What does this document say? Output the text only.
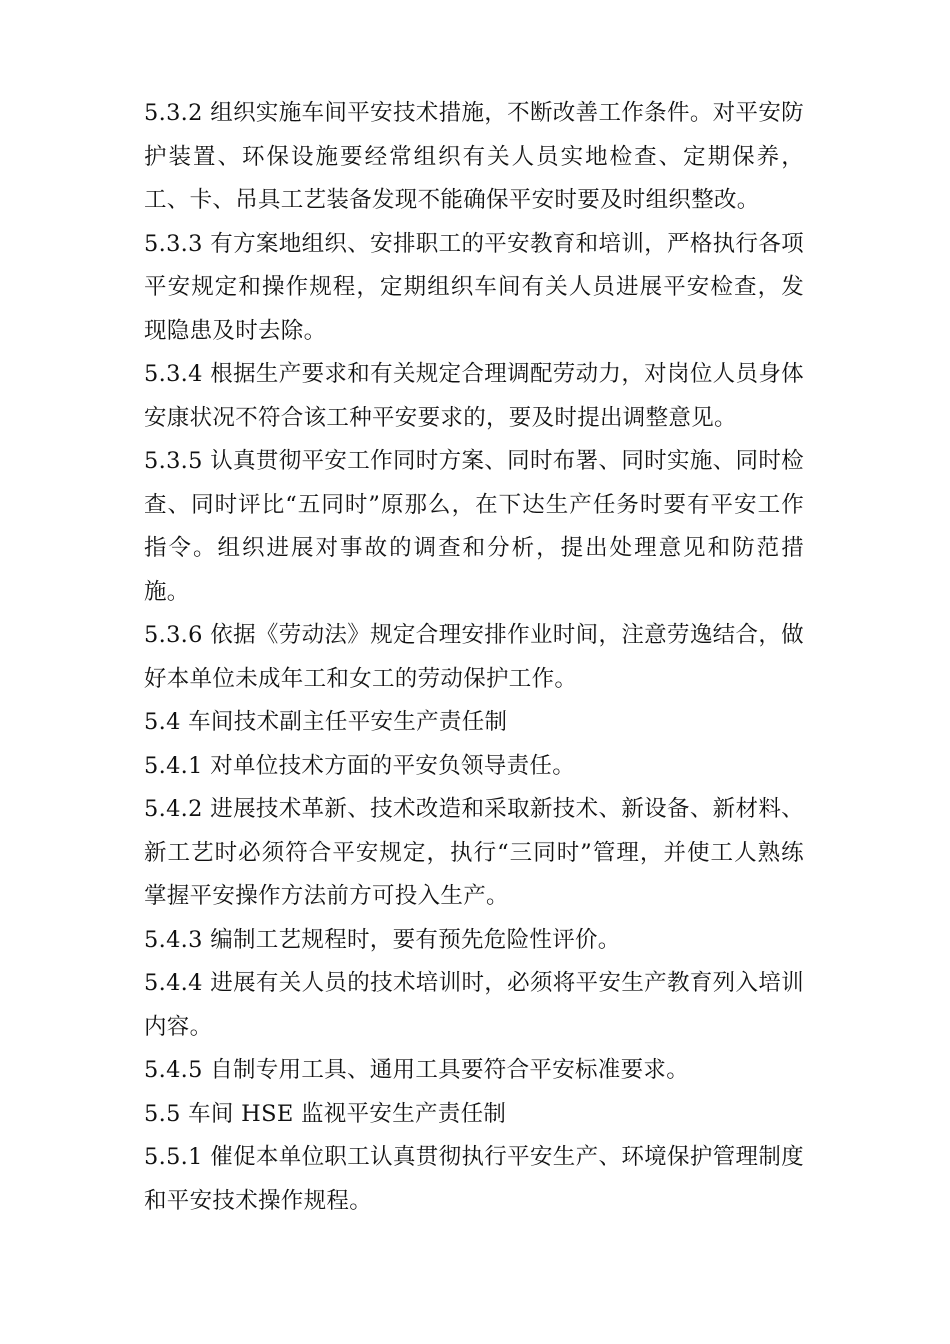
5.3.2 组织实施车间平安技术措施，不断改善工作条件。对平安防护装置、环保设施要经常组织有关人员实地检查、定期保养，工、卡、吊具工艺装备发现不能确保平安时要及时组织整改。

5.3.3 有方案地组织、安排职工的平安教育和培训，严格执行各项平安规定和操作规程，定期组织车间有关人员进展平安检查，发现隐患及时去除。

5.3.4 根据生产要求和有关规定合理调配劳动力，对岗位人员身体安康状况不符合该工种平安要求的，要及时提出调整意见。

5.3.5 认真贯彻平安工作同时方案、同时布署、同时实施、同时检查、同时评比“五同时”原那么，在下达生产任务时要有平安工作指令。组织进展对事故的调查和分析，提出处理意见和防范措施。

5.3.6 依据《劳动法》规定合理安排作业时间，注意劳逸结合，做好本单位未成年工和女工的劳动保护工作。

5.4 车间技术副主任平安生产责任制

5.4.1 对单位技术方面的平安负领导责任。

5.4.2 进展技术革新、技术改造和采取新技术、新设备、新材料、新工艺时必须符合平安规定，执行“三同时”管理，并使工人熟练掌握平安操作方法前方可投入生产。

5.4.3 编制工艺规程时，要有预先危险性评价。

5.4.4 进展有关人员的技术培训时，必须将平安生产教育列入培训内容。

5.4.5 自制专用工具、通用工具要符合平安标准要求。

5.5 车间 HSE 监视平安生产责任制

5.5.1 催促本单位职工认真贯彻执行平安生产、环境保护管理制度和平安技术操作规程。
